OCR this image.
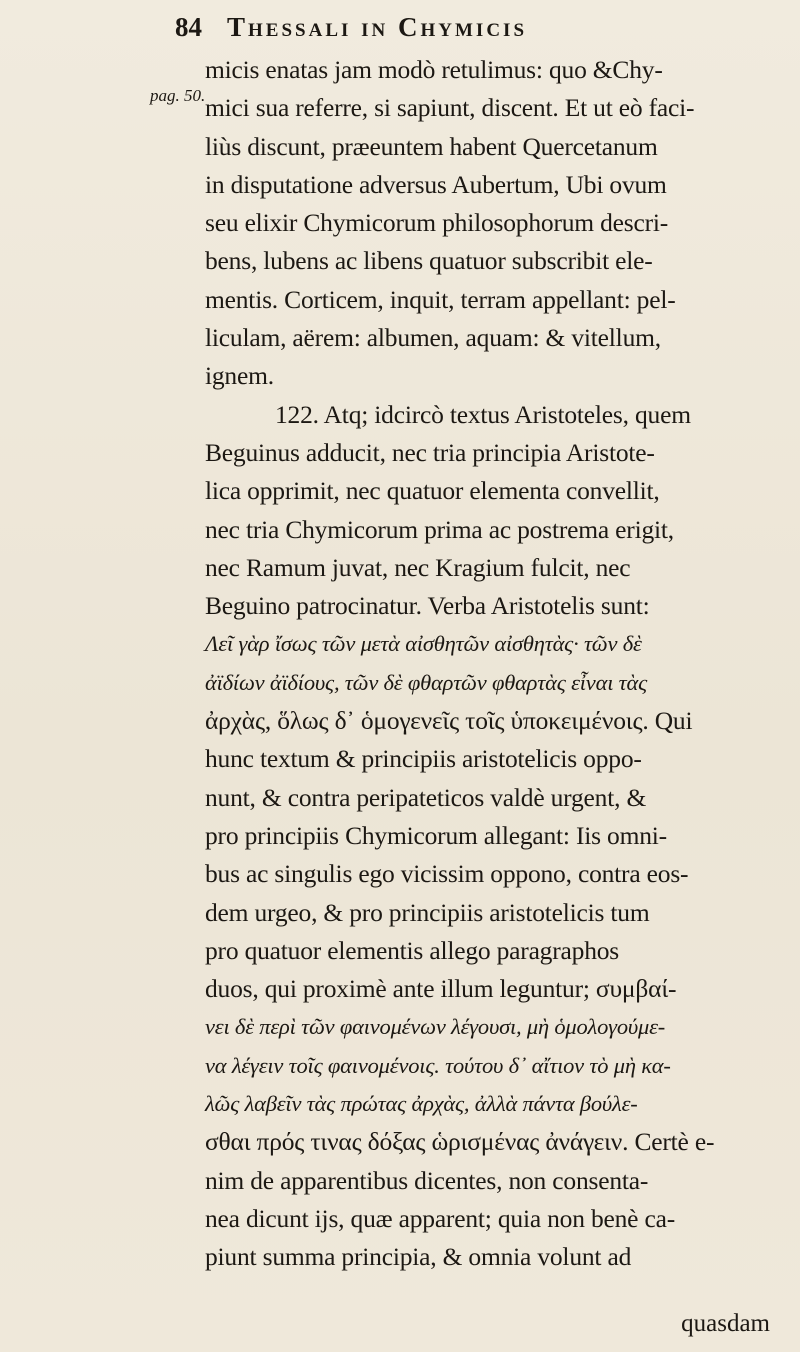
84 Thessali in Chymicis
pag. 50.
micis enatas jam modò retulimus: quo &Chy-
mici sua referre, si sapiunt, discent. Et ut eò faci-
liùs discunt, præeuntem habent Quercetanum
in disputatione adversus Aubertum, Ubi ovum
seu elixir Chymicorum philosophorum descri-
bens, lubens ac libens quatuor subscribit ele-
mentis. Corticem, inquit, terram appellant: pel-
liculam, aërem: albumen, aquam: & vitellum,
ignem.
122. Atq; idcircò textus Aristoteles, quem
Beguinus adducit, nec tria principia Aristote-
lica opprimit, nec quatuor elementa convellit,
nec tria Chymicorum prima ac postrema erigit,
nec Ramum juvat, nec Kragium fulcit, nec
Beguino patrocinatur. Verba Aristotelis sunt:
Λεῖ γὰρ ἴσως τῶν μετὰ αἰσθητῶν αἰσθητὰς· τῶν δὲ
ἀϊδίων ἀϊδίους, τῶν δὲ φθαρτῶν φθαρτὰς εἶναι τὰς
ἀρχὰς, ὅλως δ᾽ ὁμογενεῖς τοῖς ὑποκειμένοις. Qui
hunc textum & principiis aristotelicis oppo-
nunt, & contra peripateticos valdè urgent, &
pro principiis Chymicorum allegant: Iis omni-
bus ac singulis ego vicissim oppono, contra eos-
dem urgeo, & pro principiis aristotelicis tum
pro quatuor elementis allego paragraphos
duos, qui proximè ante illum leguntur; συμβαί-
νει δὲ περὶ τῶν φαινομένων λέγουσι, μὴ ὁμολογούμε-
να λέγειν τοῖς φαινομένοις. τούτου δ᾽ αἴτιον τὸ μὴ κα-
λῶς λαβεῖν τὰς πρώτας ἀρχὰς, ἀλλὰ πάντα βούλε-
σθαι πρός τινας δόξας ὡρισμένας ἀνάγειν. Certè e-
nim de apparentibus dicentes, non consenta-
nea dicunt ijs, quæ apparent; quia non benè ca-
piunt summa principia, & omnia volunt ad
quasdam
